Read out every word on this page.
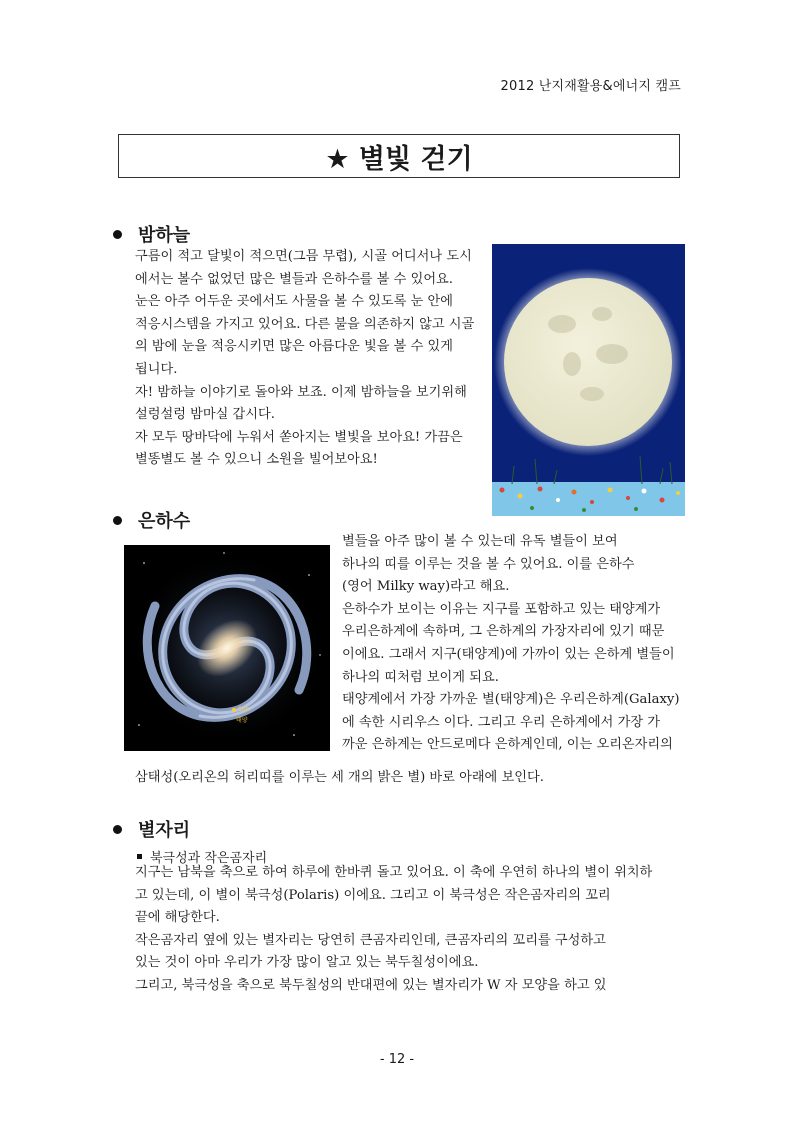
2012 난지재활용&에너지 캠프
★ 별빛 걷기
밤하늘
구름이 적고 달빛이 적으면(그믐 무렵), 시골 어디서나 도시
에서는 볼수 없었던 많은 별들과 은하수를 볼 수 있어요.
눈은 아주 어두운 곳에서도 사물을 볼 수 있도록 눈 안에
적응시스템을 가지고 있어요. 다른 불을 의존하지 않고 시골
의 밤에 눈을 적응시키면 많은 아름다운 빛을 볼 수 있게
됩니다.
자! 밤하늘 이야기로 돌아와 보죠. 이제 밤하늘을 보기위해
설렁설렁 밤마실 갑시다.
자 모두 땅바닥에 누워서 쏟아지는 별빛을 보아요! 가끔은
별똥별도 볼 수 있으니 소원을 빌어보아요!
은하수
Sun
태양
별들을 아주 많이 볼 수 있는데 유독 별들이 보여
하나의 띠를 이루는 것을 볼 수 있어요. 이를 은하수
(영어 Milky way)라고 해요.
은하수가 보이는 이유는 지구를 포함하고 있는 태양계가
우리은하계에 속하며, 그 은하계의 가장자리에 있기 때문
이에요. 그래서 지구(태양계)에 가까이 있는 은하계 별들이
하나의 띠처럼 보이게 되요.
태양계에서 가장 가까운 별(태양계)은 우리은하계(Galaxy)
에 속한 시리우스 이다. 그리고 우리 은하계에서 가장 가
까운 은하계는 안드로메다 은하계인데, 이는 오리온자리의
삼태성(오리온의 허리띠를 이루는 세 개의 밝은 별) 바로 아래에 보인다.
별자리
북극성과 작은곰자리
지구는 남북을 축으로 하여 하루에 한바퀴 돌고 있어요. 이 축에 우연히 하나의 별이 위치하
고 있는데, 이 별이 북극성(Polaris) 이에요. 그리고 이 북극성은 작은곰자리의 꼬리
끝에 해당한다.
작은곰자리 옆에 있는 별자리는 당연히 큰곰자리인데, 큰곰자리의 꼬리를 구성하고
있는 것이 아마 우리가 가장 많이 알고 있는 북두칠성이에요.
그리고, 북극성을 축으로 북두칠성의 반대편에 있는 별자리가 W 자 모양을 하고 있
- 12 -
